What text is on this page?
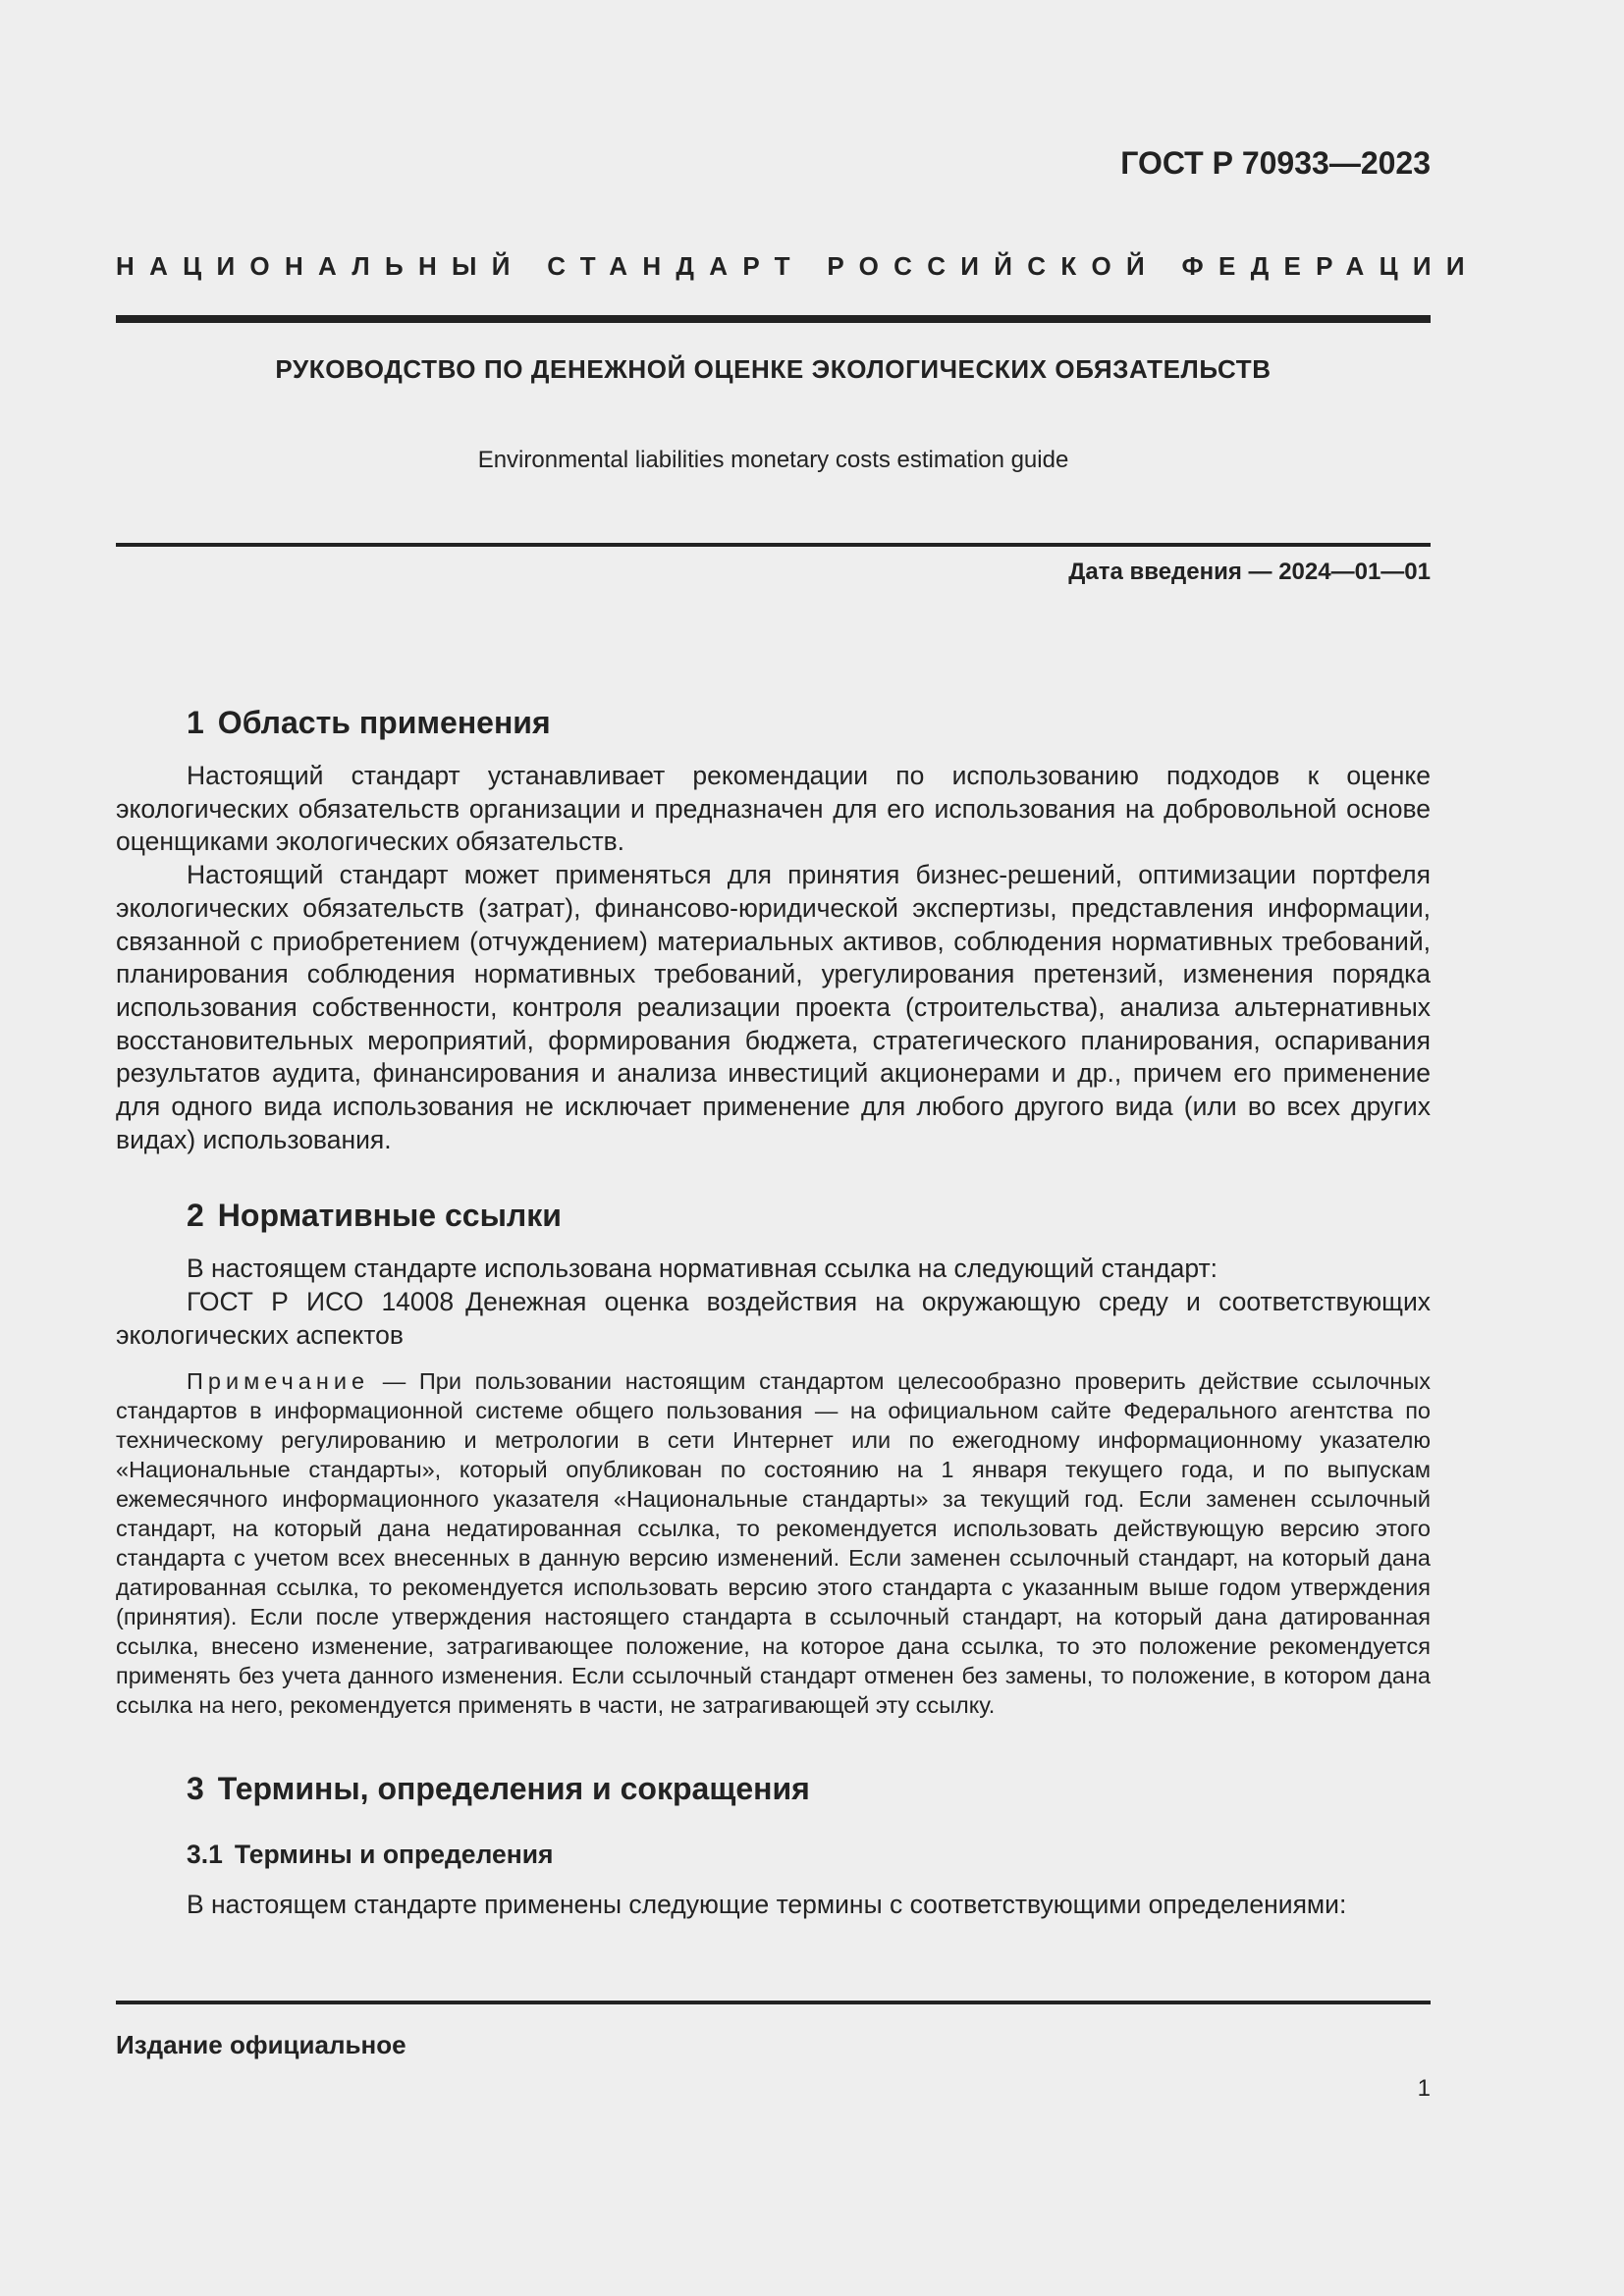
ГОСТ Р 70933—2023
НАЦИОНАЛЬНЫЙ СТАНДАРТ РОССИЙСКОЙ ФЕДЕРАЦИИ
РУКОВОДСТВО ПО ДЕНЕЖНОЙ ОЦЕНКЕ ЭКОЛОГИЧЕСКИХ ОБЯЗАТЕЛЬСТВ
Environmental liabilities monetary costs estimation guide
Дата введения — 2024—01—01
1 Область применения

Настоящий стандарт устанавливает рекомендации по использованию подходов к оценке экологических обязательств организации и предназначен для его использования на добровольной основе оценщиками экологических обязательств.

Настоящий стандарт может применяться для принятия бизнес-решений, оптимизации портфеля экологических обязательств (затрат), финансово-юридической экспертизы, представления информации, связанной с приобретением (отчуждением) материальных активов, соблюдения нормативных требований, планирования соблюдения нормативных требований, урегулирования претензий, изменения порядка использования собственности, контроля реализации проекта (строительства), анализа альтернативных восстановительных мероприятий, формирования бюджета, стратегического планирования, оспаривания результатов аудита, финансирования и анализа инвестиций акционерами и др., причем его применение для одного вида использования не исключает применение для любого другого вида (или во всех других видах) использования.

2 Нормативные ссылки

В настоящем стандарте использована нормативная ссылка на следующий стандарт:

ГОСТ Р ИСО 14008 Денежная оценка воздействия на окружающую среду и соответствующих экологических аспектов

Примечание — При пользовании настоящим стандартом целесообразно проверить действие ссылочных стандартов в информационной системе общего пользования — на официальном сайте Федерального агентства по техническому регулированию и метрологии в сети Интернет или по ежегодному информационному указателю «Национальные стандарты», который опубликован по состоянию на 1 января текущего года, и по выпускам ежемесячного информационного указателя «Национальные стандарты» за текущий год. Если заменен ссылочный стандарт, на который дана недатированная ссылка, то рекомендуется использовать действующую версию этого стандарта с учетом всех внесенных в данную версию изменений. Если заменен ссылочный стандарт, на который дана датированная ссылка, то рекомендуется использовать версию этого стандарта с указанным выше годом утверждения (принятия). Если после утверждения настоящего стандарта в ссылочный стандарт, на который дана датированная ссылка, внесено изменение, затрагивающее положение, на которое дана ссылка, то это положение рекомендуется применять без учета данного изменения. Если ссылочный стандарт отменен без замены, то положение, в котором дана ссылка на него, рекомендуется применять в части, не затрагивающей эту ссылку.

3 Термины, определения и сокращения
3.1 Термины и определения

В настоящем стандарте применены следующие термины с соответствующими определениями:

Издание официальное
1
